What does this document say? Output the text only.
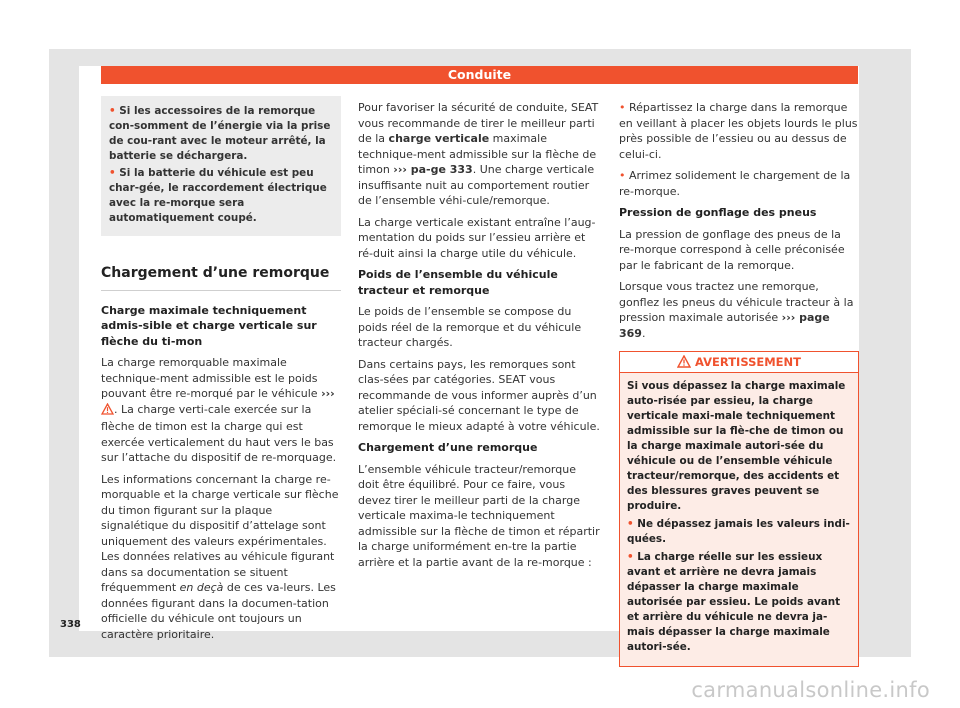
Conduite
• Si les accessoires de la remorque con-somment de l’énergie via la prise de cou-rant avec le moteur arrêté, la batterie se déchargera.
• Si la batterie du véhicule est peu char-gée, le raccordement électrique avec la re-morque sera automatiquement coupé.
Chargement d’une remorque

Charge maximale techniquement admis-sible et charge verticale sur flèche du ti-mon

La charge remorquable maximale technique-ment admissible est le poids pouvant être re-morqué par le véhicule ››› . La charge verti-cale exercée sur la flèche de timon est la charge qui est exercée verticalement du haut vers le bas sur l’attache du dispositif de re-morquage.

Les informations concernant la charge re-morquable et la charge verticale sur flèche du timon figurant sur la plaque signalétique du dispositif d’attelage sont uniquement des valeurs expérimentales. Les données relatives au véhicule figurant dans sa documentation se situent fréquemment en deçà de ces va-leurs. Les données figurant dans la documen-tation officielle du véhicule ont toujours un caractère prioritaire.

Pour favoriser la sécurité de conduite, SEAT vous recommande de tirer le meilleur parti de la charge verticale maximale technique-ment admissible sur la flèche de timon ››› pa-ge 333. Une charge verticale insuffisante nuit au comportement routier de l’ensemble véhi-cule/remorque.

La charge verticale existant entraîne l’aug-mentation du poids sur l’essieu arrière et ré-duit ainsi la charge utile du véhicule.

Poids de l’ensemble du véhicule tracteur et remorque

Le poids de l’ensemble se compose du poids réel de la remorque et du véhicule tracteur chargés.

Dans certains pays, les remorques sont clas-sées par catégories. SEAT vous recommande de vous informer auprès d’un atelier spéciali-sé concernant le type de remorque le mieux adapté à votre véhicule.

Chargement d’une remorque

L’ensemble véhicule tracteur/remorque doit être équilibré. Pour ce faire, vous devez tirer le meilleur parti de la charge verticale maxima-le techniquement admissible sur la flèche de timon et répartir la charge uniformément en-tre la partie arrière et la partie avant de la re-morque :

• Répartissez la charge dans la remorque en veillant à placer les objets lourds le plus près possible de l’essieu ou au dessus de celui-ci.

• Arrimez solidement le chargement de la re-morque.

Pression de gonflage des pneus

La pression de gonflage des pneus de la re-morque correspond à celle préconisée par le fabricant de la remorque.

Lorsque vous tractez une remorque, gonflez les pneus du véhicule tracteur à la pression maximale autorisée ››› page 369.

AVERTISSEMENT

Si vous dépassez la charge maximale auto-risée par essieu, la charge verticale maxi-male techniquement admissible sur la flè-che de timon ou la charge maximale autori-sée du véhicule ou de l’ensemble véhicule tracteur/remorque, des accidents et des blessures graves peuvent se produire.

• Ne dépassez jamais les valeurs indi-quées.

• La charge réelle sur les essieux avant et arrière ne devra jamais dépasser la charge maximale autorisée par essieu. Le poids avant et arrière du véhicule ne devra ja-mais dépasser la charge maximale autori-sée.

338
carmanualsonline.info
